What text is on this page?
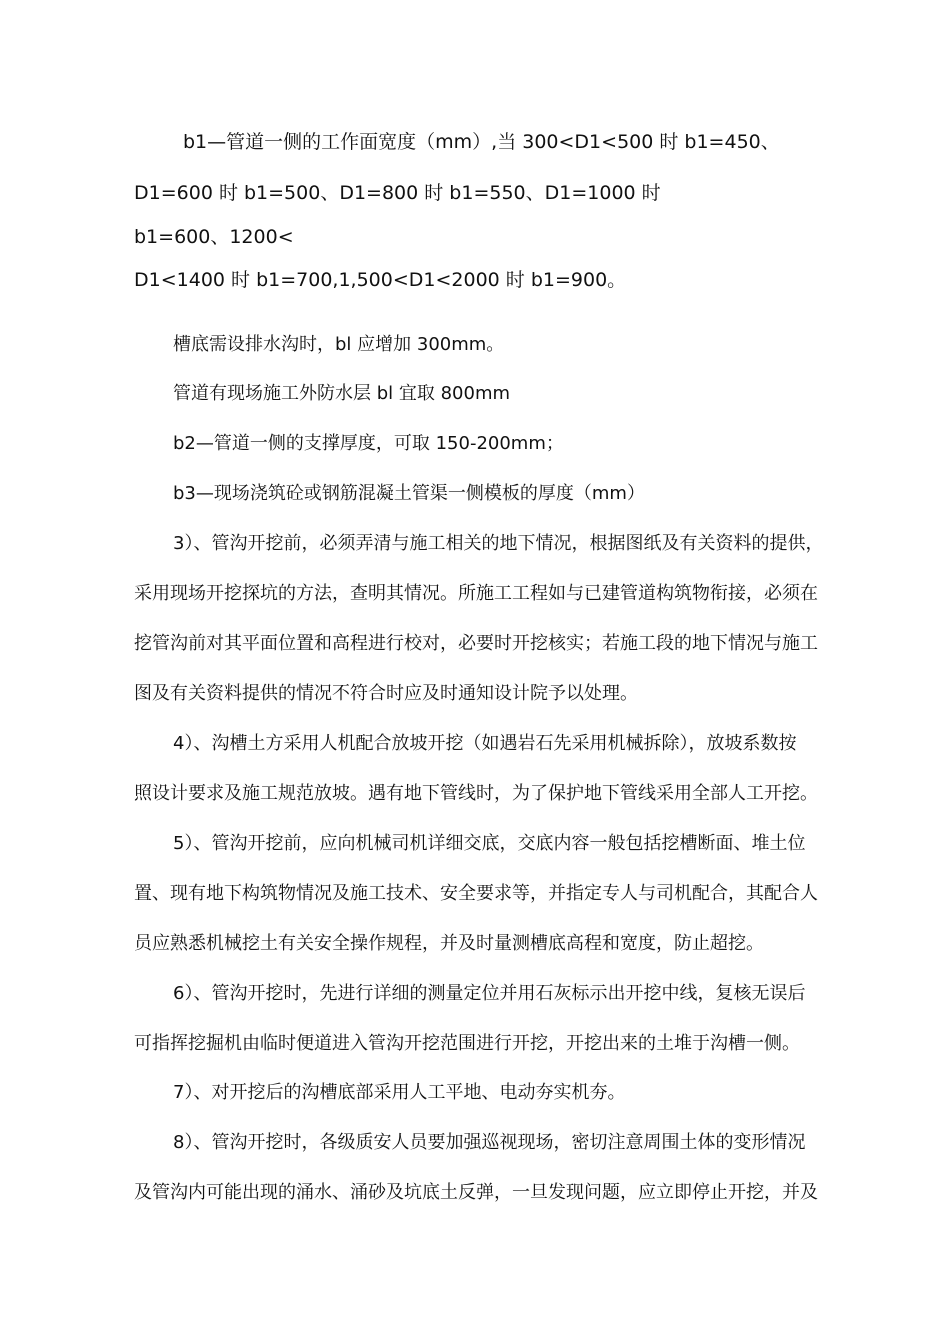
b1—管道一侧的工作面宽度（mm）,当 300<D1<500 时 b1=450、

D1=600 时 b1=500、D1=800 时 b1=550、D1=1000 时

b1=600、1200<

D1<1400 时 b1=700,1,500<D1<2000 时 b1=900。

槽底需设排水沟时，bl 应增加 300mm。

管道有现场施工外防水层 bl 宜取 800mm

b2—管道一侧的支撑厚度，可取 150-200mm；

b3—现场浇筑砼或钢筋混凝土管渠一侧模板的厚度（mm）

3）、管沟开挖前，必须弄清与施工相关的地下情况，根据图纸及有关资料的提供，

采用现场开挖探坑的方法，查明其情况。所施工工程如与已建管道构筑物衔接，必须在

挖管沟前对其平面位置和高程进行校对，必要时开挖核实；若施工段的地下情况与施工

图及有关资料提供的情况不符合时应及时通知设计院予以处理。

4）、沟槽土方采用人机配合放坡开挖（如遇岩石先采用机械拆除），放坡系数按

照设计要求及施工规范放坡。遇有地下管线时，为了保护地下管线采用全部人工开挖。

5）、管沟开挖前，应向机械司机详细交底，交底内容一般包括挖槽断面、堆土位

置、现有地下构筑物情况及施工技术、安全要求等，并指定专人与司机配合，其配合人

员应熟悉机械挖土有关安全操作规程，并及时量测槽底高程和宽度，防止超挖。

6）、管沟开挖时，先进行详细的测量定位并用石灰标示出开挖中线，复核无误后

可指挥挖掘机由临时便道进入管沟开挖范围进行开挖，开挖出来的土堆于沟槽一侧。

7）、对开挖后的沟槽底部采用人工平地、电动夯实机夯。

8）、管沟开挖时，各级质安人员要加强巡视现场，密切注意周围土体的变形情况

及管沟内可能出现的涌水、涌砂及坑底土反弹，一旦发现问题，应立即停止开挖，并及
